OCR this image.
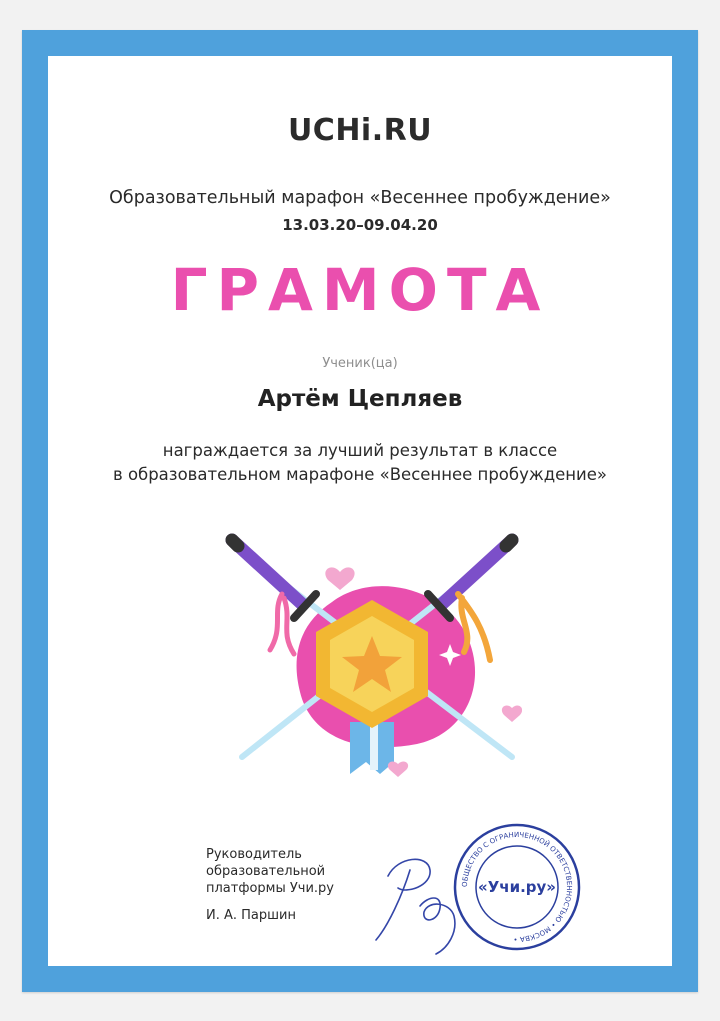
UCHi.RU
Образовательный марафон «Весеннее пробуждение»
13.03.20–09.04.20
ГРАМОТА
Ученик(ца)
Артём Цепляев
награждается за лучший результат в классе
в образовательном марафоне «Весеннее пробуждение»
Руководитель
образовательной
платформы Учи.ру
И. А. Паршин
ОБЩЕСТВО С ОГРАНИЧЕННОЙ ОТВЕТСТВЕННОСТЬЮ • МОСКВА •
«Учи.ру»
